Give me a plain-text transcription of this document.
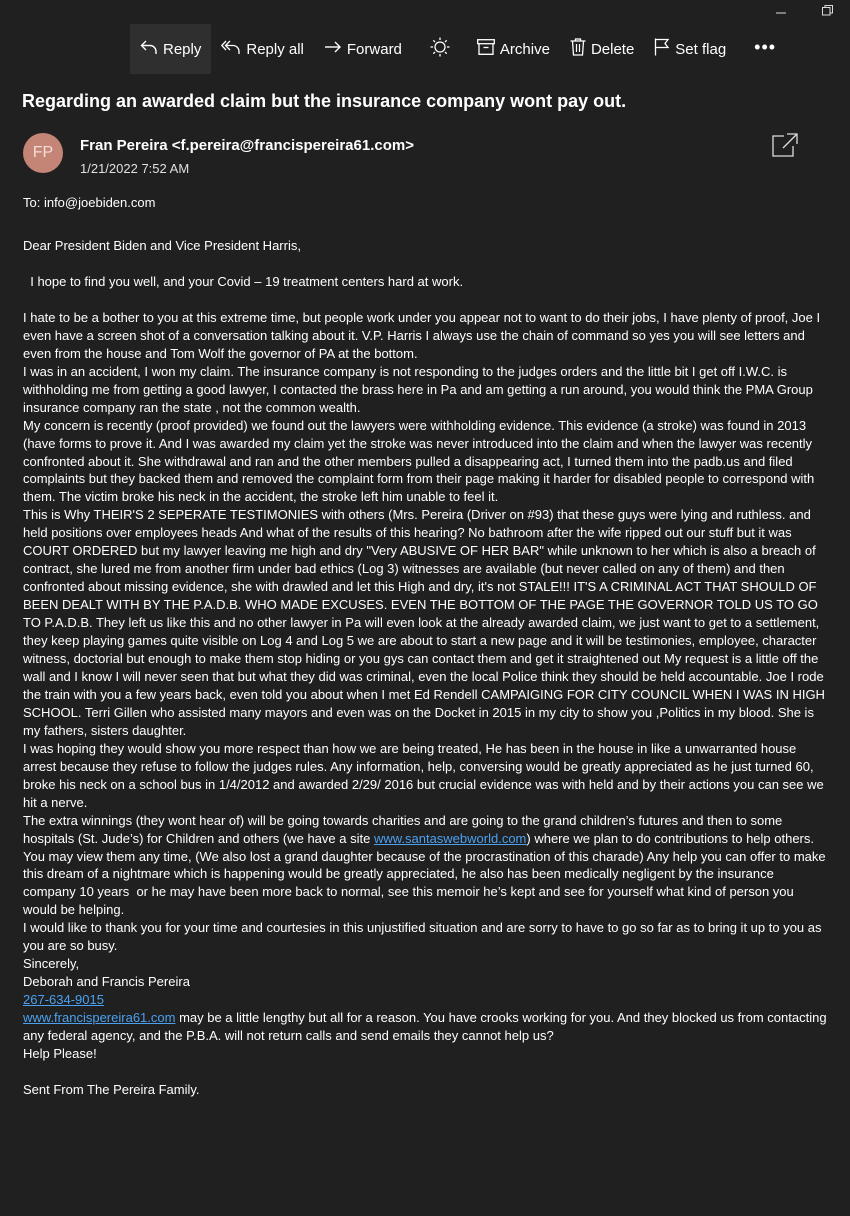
Reply	Reply all	Forward	Archive	Delete	Set flag •••
Regarding an awarded claim but the insurance company wont pay out.
FP Fran Pereira <f.pereira@francispereira61.com>
1/21/2022 7:52 AM
To: info@joebiden.com

Dear President Biden and Vice President Harris,

I hope to find you well, and your Covid – 19 treatment centers hard at work.

I hate to be a bother to you at this extreme time, but people work under you appear not to want to do their jobs, I have plenty of proof, Joe I even have a screen shot of a conversation talking about it. V.P. Harris I always use the chain of command so yes you will see letters and even from the house and Tom Wolf the governor of PA at the bottom.

I was in an accident, I won my claim. The insurance company is not responding to the judges orders and the little bit I get off I.W.C. is withholding me from getting a good lawyer, I contacted the brass here in Pa and am getting a run around, you would think the PMA Group insurance company ran the state , not the common wealth.

My concern is recently (proof provided) we found out the lawyers were withholding evidence. This evidence (a stroke) was found in 2013 (have forms to prove it. And I was awarded my claim yet the stroke was never introduced into the claim and when the lawyer was recently confronted about it. She withdrawal and ran and the other members pulled a disappearing act, I turned them into the padb.us and filed complaints but they backed them and removed the complaint form from their page making it harder for disabled people to correspond with them. The victim broke his neck in the accident, the stroke left him unable to feel it.

This is Why THEIR'S 2 SEPERATE TESTIMONIES with others (Mrs. Pereira (Driver on #93) that these guys were lying and ruthless. and held positions over employees heads And what of the results of this hearing? No bathroom after the wife ripped out our stuff but it was COURT ORDERED but my lawyer leaving me high and dry "Very ABUSIVE OF HER BAR" while unknown to her which is also a breach of contract, she lured me from another firm under bad ethics (Log 3) witnesses are available (but never called on any of them) and then confronted about missing evidence, she with drawled and let this High and dry, it's not STALE!!! IT'S A CRIMINAL ACT THAT SHOULD OF BEEN DEALT WITH BY THE P.A.D.B. WHO MADE EXCUSES. EVEN THE BOTTOM OF THE PAGE THE GOVERNOR TOLD US TO GO TO P.A.D.B. They left us like this and no other lawyer in Pa will even look at the already awarded claim, we just want to get to a settlement, they keep playing games quite visible on Log 4 and Log 5 we are about to start a new page and it will be testimonies, employee, character witness, doctorial but enough to make them stop hiding or you gys can contact them and get it straightened out My request is a little off the wall and I know I will never seen that but what they did was criminal, even the local Police think they should be held accountable. Joe I rode the train with you a few years back, even told you about when I met Ed Rendell CAMPAIGING FOR CITY COUNCIL WHEN I WAS IN HIGH SCHOOL. Terri Gillen who assisted many mayors and even was on the Docket in 2015 in my city to show you ,Politics in my blood. She is my fathers, sisters daughter.

I was hoping they would show you more respect than how we are being treated, He has been in the house in like a unwarranted house arrest because they refuse to follow the judges rules. Any information, help, conversing would be greatly appreciated as he just turned 60, broke his neck on a school bus in 1/4/2012 and awarded 2/29/ 2016 but crucial evidence was with held and by their actions you can see we hit a nerve.

The extra winnings (they wont hear of) will be going towards charities and are going to the grand children’s futures and then to some hospitals (St. Jude’s) for Children and others (we have a site www.santaswebworld.com) where we plan to do contributions to help others. You may view them any time, (We also lost a grand daughter because of the procrastination of this charade) Any help you can offer to make this dream of a nightmare which is happening would be greatly appreciated, he also has been medically negligent by the insurance company 10 years  or he may have been more back to normal, see this memoir he’s kept and see for yourself what kind of person you would be helping.

I would like to thank you for your time and courtesies in this unjustified situation and are sorry to have to go so far as to bring it up to you as you are so busy.

Sincerely,

Deborah and Francis Pereira

267-634-9015

www.francispereira61.com may be a little lengthy but all for a reason. You have crooks working for you. And they blocked us from contacting any federal agency, and the P.B.A. will not return calls and send emails they cannot help us?

Help Please!

Sent From The Pereira Family.
